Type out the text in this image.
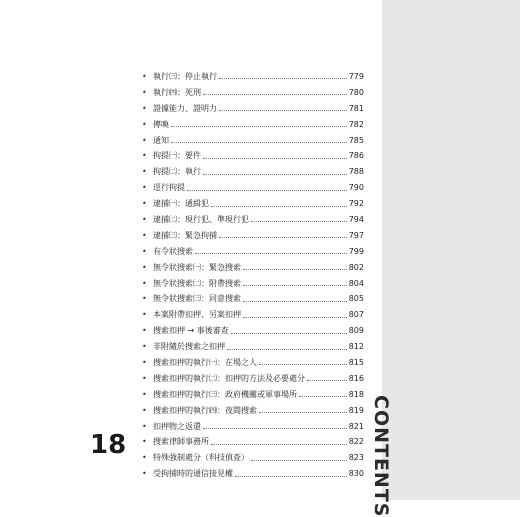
CONTENTS
• 執行㈢：停止執行	779
• 執行㈣：死刑	780
• 證據能力、證明力	781
• 傳喚	782
• 通知	785
• 拘提㈠：要件	786
• 拘提㈡：執行	788
• 逕行拘提	790
• 逮捕㈠：通緝犯	792
• 逮捕㈡：現行犯、準現行犯	794
• 逮捕㈢：緊急拘捕	797
• 有令狀搜索	799
• 無令狀搜索㈠：緊急搜索	802
• 無令狀搜索㈡：附帶搜索	804
• 無令狀搜索㈢：同意搜索	805
• 本案附帶扣押、另案扣押	807
• 搜索扣押 → 事後審查	809
• 非附隨於搜索之扣押	812
• 搜索扣押的執行㈠：在場之人	815
• 搜索扣押的執行㈡：扣押的方法及必要處分	816
• 搜索扣押的執行㈢：政府機關或軍事場所	818
• 搜索扣押的執行㈣：夜間搜索	819
• 扣押物之返還	821
• 搜索律師事務所	822
• 特殊強制處分（科技偵查）	823
• 受拘捕時的通信接見權	830
18
